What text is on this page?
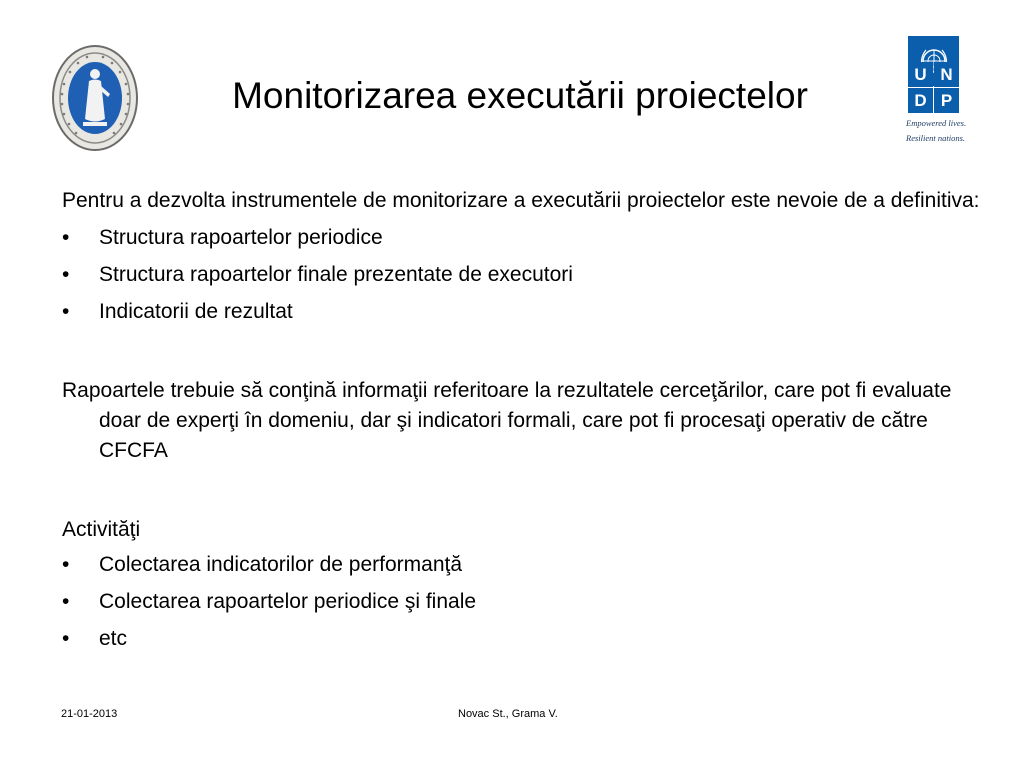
Monitorizarea executării proiectelor
U N
D P
Empowered lives.
Resilient nations.

Pentru a dezvolta instrumentele de monitorizare a executării proiectelor este nevoie de a definitiva:

•	Structura rapoartelor periodice

•	Structura rapoartelor finale prezentate de executori

•	Indicatorii de rezultat

Rapoartele trebuie să conţină informaţii referitoare la rezultatele cerceţărilor, care pot fi evaluate doar de experţi în domeniu, dar şi indicatori formali, care pot fi procesaţi operativ de către CFCFA

Activităţi

•	Colectarea indicatorilor de performanţă

•	Colectarea rapoartelor periodice şi finale

•	etc

21-01-2013	Novac St., Grama V.
